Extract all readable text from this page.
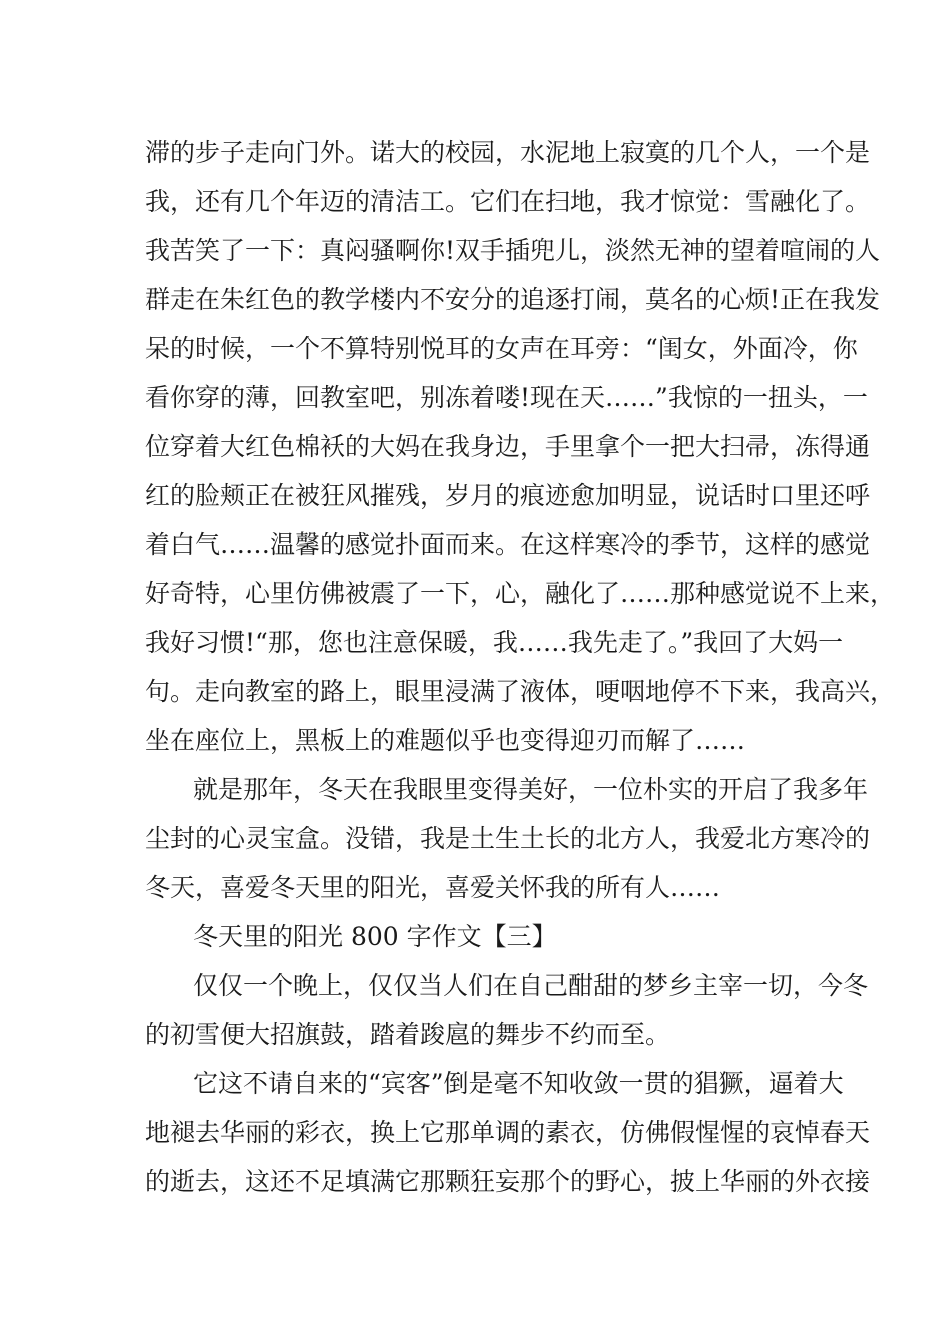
滞的步子走向门外。诺大的校园，水泥地上寂寞的几个人，一个是
我，还有几个年迈的清洁工。它们在扫地，我才惊觉：雪融化了。
我苦笑了一下：真闷骚啊你!双手插兜儿，淡然无神的望着喧闹的人
群走在朱红色的教学楼内不安分的追逐打闹，莫名的心烦!正在我发
呆的时候，一个不算特别悦耳的女声在耳旁：“闺女，外面冷，你
看你穿的薄，回教室吧，别冻着喽!现在天……”我惊的一扭头，一
位穿着大红色棉袄的大妈在我身边，手里拿个一把大扫帚，冻得通
红的脸颊正在被狂风摧残，岁月的痕迹愈加明显，说话时口里还呼
着白气……温馨的感觉扑面而来。在这样寒冷的季节，这样的感觉
好奇特，心里仿佛被震了一下，心，融化了……那种感觉说不上来，
我好习惯!“那，您也注意保暖，我……我先走了。”我回了大妈一
句。走向教室的路上，眼里浸满了液体，哽咽地停不下来，我高兴，
坐在座位上，黑板上的难题似乎也变得迎刃而解了……
就是那年，冬天在我眼里变得美好，一位朴实的开启了我多年
尘封的心灵宝盒。没错，我是土生土长的北方人，我爱北方寒冷的
冬天，喜爱冬天里的阳光，喜爱关怀我的所有人……
冬天里的阳光 800 字作文【三】
仅仅一个晚上，仅仅当人们在自己酣甜的梦乡主宰一切，今冬
的初雪便大招旗鼓，踏着踆扈的舞步不约而至。
它这不请自来的“宾客”倒是毫不知收敛一贯的猖獗，逼着大
地褪去华丽的彩衣，换上它那单调的素衣，仿佛假惺惺的哀悼春天
的逝去，这还不足填满它那颗狂妄那个的野心，披上华丽的外衣接
